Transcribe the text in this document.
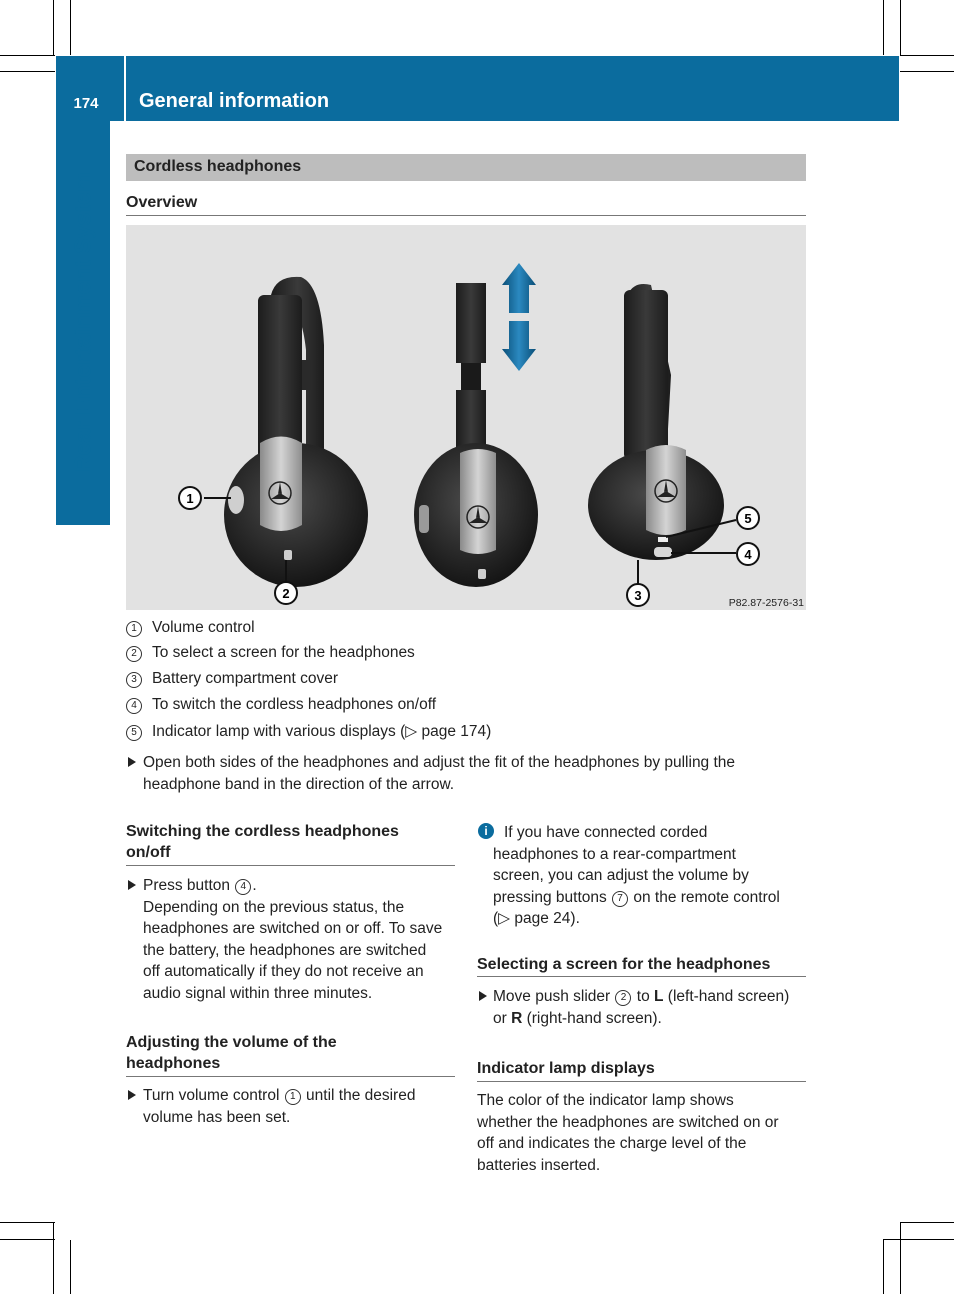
174	General information
Rear Entertainment System
Cordless headphones
Overview
1
2	3
4
5
P82.87-2576-31
1 Volume control
2 To select a screen for the headphones
3 Battery compartment cover
4 To switch the cordless headphones on/off
5 Indicator lamp with various displays (▷ page 174)

Open both sides of the headphones and adjust the fit of the headphones by pulling the

headphone band in the direction of the arrow.

Switching the cordless headphones

on/off

Press button 4 .

Depending on the previous status, the

headphones are switched on or off. To save

the battery, the headphones are switched

off automatically if they do not receive an

audio signal within three minutes.

Adjusting the volume of the

headphones

Turn volume control 1 until the desired

volume has been set.

i	If you have connected corded

headphones to a rear-compartment

screen, you can adjust the volume by

pressing buttons 7 on the remote control

(▷ page 24).

Selecting a screen for the headphones

Move push slider 2 to L (left-hand screen)

or R (right-hand screen).

Indicator lamp displays

The color of the indicator lamp shows

whether the headphones are switched on or

off and indicates the charge level of the

batteries inserted.
